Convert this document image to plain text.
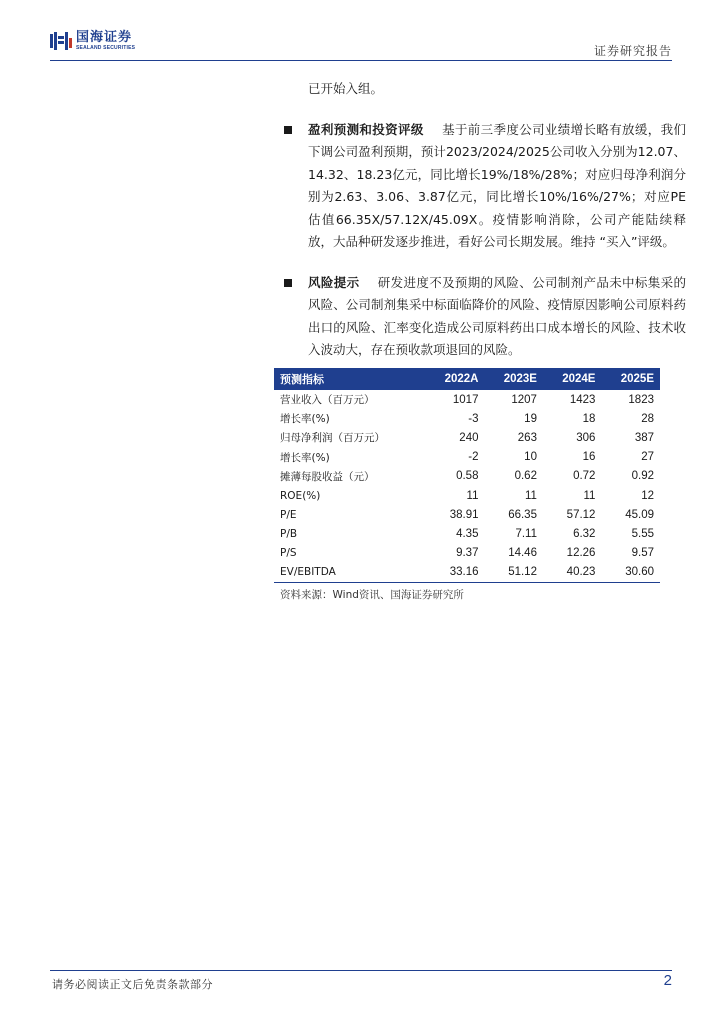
国海证券
SEALAND SECURITIES	证券研究报告
已开始入组。
盈利预测和投资评级 基于前三季度公司业绩增长略有放缓，我们下调公司盈利预期，预计2023/2024/2025公司收入分别为12.07、14.32、18.23亿元，同比增长19%/18%/28%；对应归母净利润分别为2.63、3.06、3.87亿元，同比增长10%/16%/27%；对应PE估值66.35X/57.12X/45.09X。疫情影响消除，公司产能陆续释放，大品种研发逐步推进，看好公司长期发展。维持 “买入”评级。
风险提示 研发进度不及预期的风险、公司制剂产品未中标集采的风险、公司制剂集采中标面临降价的风险、疫情原因影响公司原料药出口的风险、汇率变化造成公司原料药出口成本增长的风险、技术收入波动大，存在预收款项退回的风险。
预测指标	2022A	2023E	2024E	2025E
营业收入（百万元）	1017	1207	1423	1823
增长率(%)	-3	19	18	28
归母净利润（百万元）	240	263	306	387
增长率(%)	-2	10	16	27
摊薄每股收益（元）	0.58	0.62	0.72	0.92
ROE(%)	11	11	11	12
P/E	38.91	66.35	57.12	45.09
P/B	4.35	7.11	6.32	5.55
P/S	9.37	14.46	12.26	9.57
EV/EBITDA	33.16	51.12	40.23	30.60
资料来源：Wind资讯、国海证券研究所
请务必阅读正文后免责条款部分	2
